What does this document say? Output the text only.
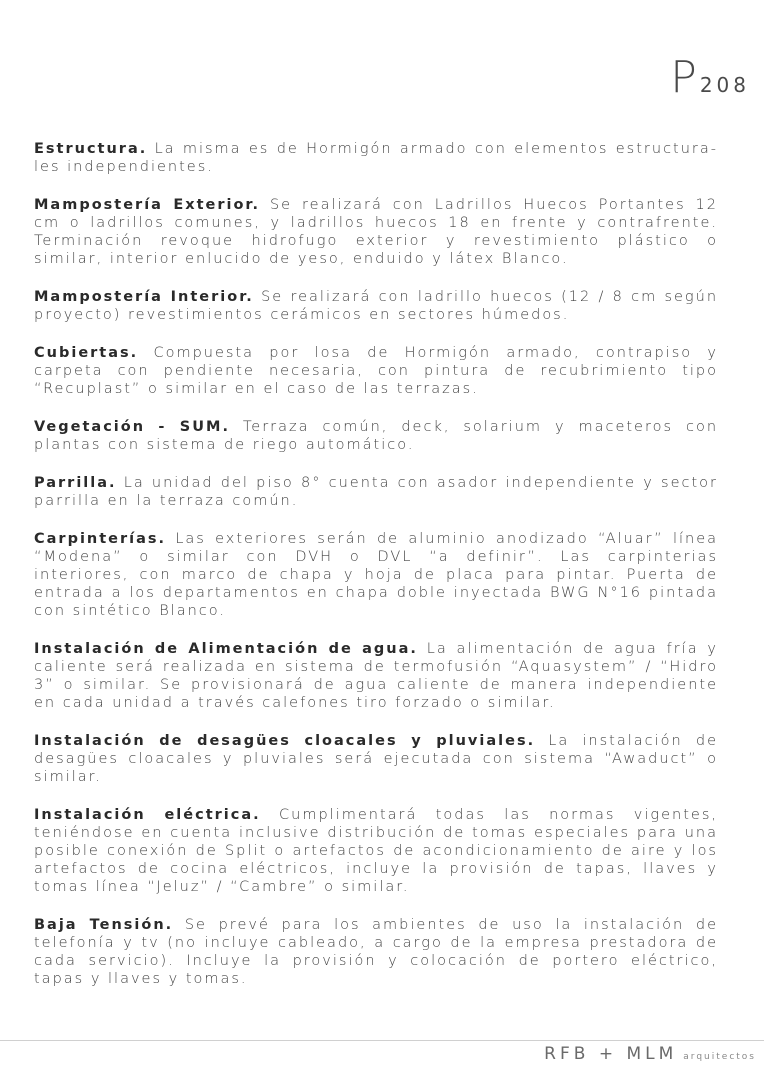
P 208

Estructura. La misma es de Hormigón armado con elementos estructura-les independientes.

Mampostería Exterior. Se realizará con Ladrillos Huecos Portantes 12 cm o ladrillos comunes, y ladrillos huecos 18 en frente y contrafrente. Terminación revoque hidrofugo exterior y revestimiento plástico o similar, interior enlucido de yeso, enduido y látex Blanco.

Mampostería Interior. Se realizará con ladrillo huecos (12 / 8 cm según proyecto) revestimientos cerámicos en sectores húmedos.

Cubiertas. Compuesta por losa de Hormigón armado, contrapiso y carpeta con pendiente necesaria, con pintura de recubrimiento tipo “Recuplast” o similar en el caso de las terrazas.

Vegetación - SUM. Terraza común, deck, solarium y maceteros con plantas con sistema de riego automático.

Parrilla. La unidad del piso 8° cuenta con asador independiente y sector parrilla en la terraza común.

Carpinterías. Las exteriores serán de aluminio anodizado “Aluar” línea “Modena” o similar con DVH o DVL “a definir”. Las carpinterias interiores, con marco de chapa y hoja de placa para pintar. Puerta de entrada a los departamentos en chapa doble inyectada BWG N°16 pintada con sintético Blanco.

Instalación de Alimentación de agua. La alimentación de agua fría y caliente será realizada en sistema de termofusión “Aquasystem” / “Hidro 3” o similar. Se provisionará de agua caliente de manera independiente en cada unidad a través calefones tiro forzado o similar.

Instalación de desagües cloacales y pluviales. La instalación de desagües cloacales y pluviales será ejecutada con sistema “Awaduct” o similar.

Instalación eléctrica. Cumplimentará todas las normas vigentes, teniéndose en cuenta inclusive distribución de tomas especiales para una posible conexión de Split o artefactos de acondicionamiento de aire y los artefactos de cocina eléctricos, incluye la provisión de tapas, llaves y tomas línea “Jeluz” / “Cambre” o similar.

Baja Tensión. Se prevé para los ambientes de uso la instalación de telefonía y tv (no incluye cableado, a cargo de la empresa prestadora de cada servicio). Incluye la provisión y colocación de portero eléctrico, tapas y llaves y tomas.

RFB + MLM arquitectos
